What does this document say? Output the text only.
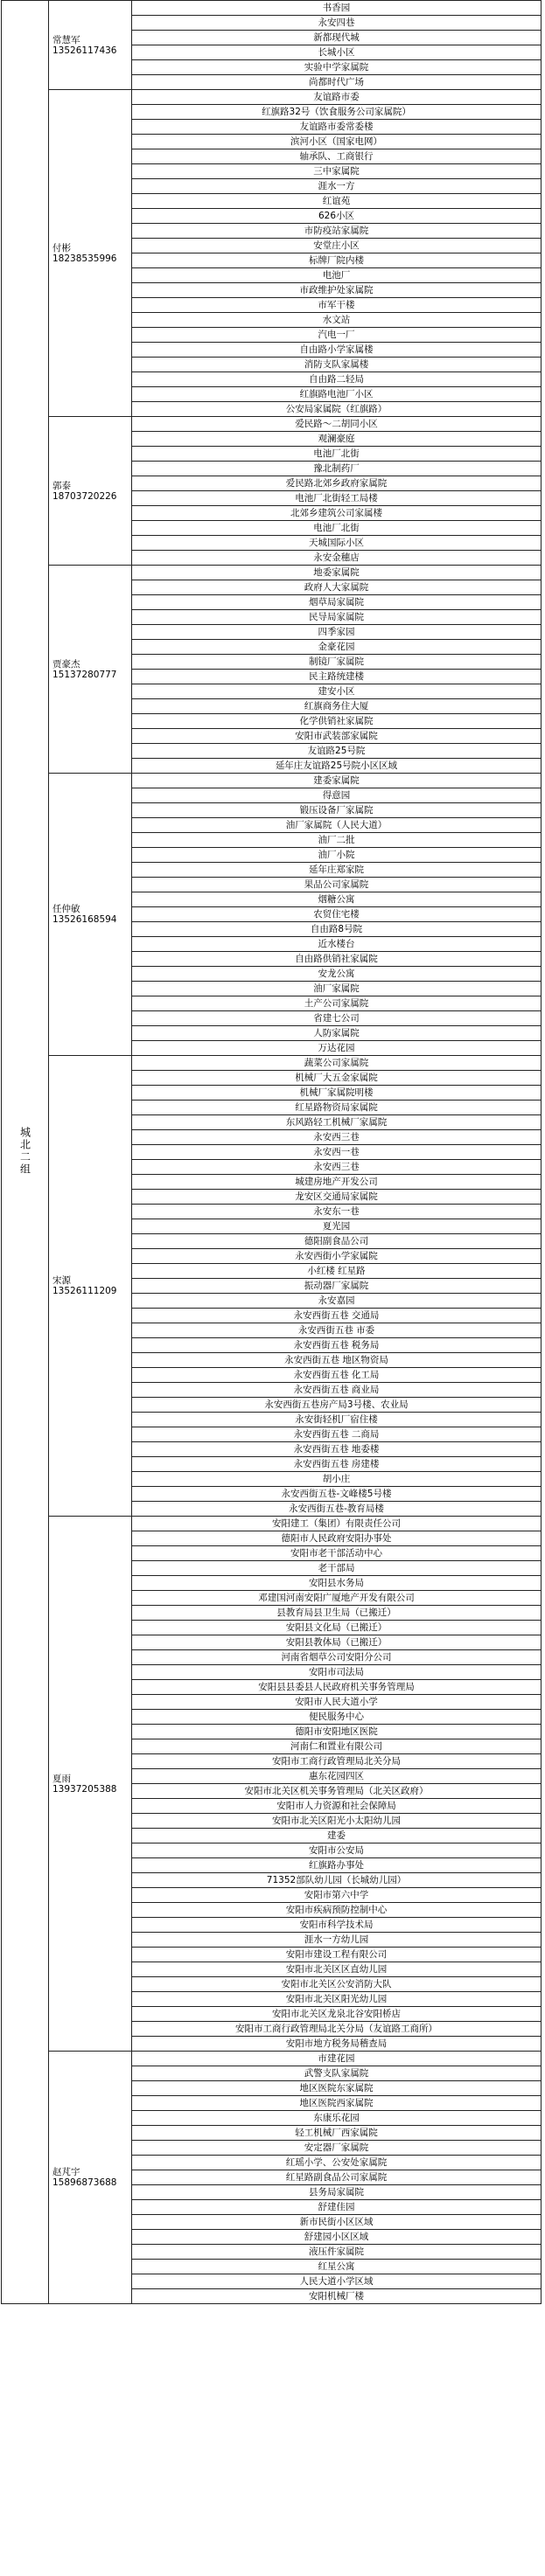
城北二组	常慧军13526117436	书香园
		永安四巷
		新都现代城
		长城小区
		实验中学家属院
		尚都时代广场
	付彬18238535996	友谊路市委
		红旗路32号（饮食服务公司家属院）
		友谊路市委常委楼
		滨河小区（国家电网）
		轴承队、工商银行
		三中家属院
		涯水一方
		红谊苑
		626小区
		市防疫站家属院
		安堂庄小区
		标牌厂院内楼
		电池厂
		市政维护处家属院
		市军干楼
		水文站
		汽电一厂
		自由路小学家属楼
		消防支队家属楼
		自由路二轻局
		红旗路电池厂小区
		公安局家属院（红旗路）
	郭泰18703720226	爱民路～二胡同小区
		观澜豪庭
		电池厂北街
		豫北制药厂
		爱民路北郊乡政府家属院
		电池厂北街轻工局楼
		北郊乡建筑公司家属楼
		电池厂北街
		天城国际小区
		永安金穗店
	贾豪杰15137280777	地委家属院
		政府人大家属院
		烟草局家属院
		民导局家属院
		四季家园
		金豪花园
		制镜厂家属院
		民主路统建楼
		建安小区
		红旗商务住大厦
		化学供销社家属院
		安阳市武装部家属院
		友谊路25号院
		延年庄友谊路25号院小区区域
	任仲敏13526168594	建委家属院
		得意园
		锻压设备厂家属院
		油厂家属院（人民大道）
		油厂二批
		油厂小院
		延年庄郑家院
		果品公司家属院
		烟糖公寓
		农贸住宅楼
		自由路8号院
		近水楼台
		自由路供销社家属院
		安龙公寓
		油厂家属院
		土产公司家属院
		省建七公司
		人防家属院
		万达花园
	宋源13526111209	蔬菜公司家属院
		机械厂大五金家属院
		机械厂家属院明楼
		红星路物资局家属院
		东风路轻工机械厂家属院
		永安西三巷
		永安西一巷
		永安西三巷
		城建房地产开发公司
		龙安区交通局家属院
		永安东一巷
		夏光园
		德阳副食品公司
		永安西街小学家属院
		小红楼 红星路
		振动器厂家属院
		永安嘉园
		永安西街五巷 交通局
		永安西街五巷 市委
		永安西街五巷 税务局
		永安西街五巷 地区物资局
		永安西街五巷 化工局
		永安西街五巷 商业局
		永安西街五巷房产局3号楼、农业局
		永安街轻机厂宿住楼
		永安西街五巷 二商局
		永安西街五巷 地委楼
		永安西街五巷 房建楼
		胡小庄
		永安西街五巷-文峰楼5号楼
		永安西街五巷-教育局楼
	夏雨13937205388	安阳建工（集团）有限责任公司
		德阳市人民政府安阳办事处
		安阳市老干部活动中心
		老干部局
		安阳县水务局
		邓建国河南安阳广厦地产开发有限公司
		县教育局县卫生局（已搬迁）
		安阳县文化局（已搬迁）
		安阳县教体局（已搬迁）
		河南省烟草公司安阳分公司
		安阳市司法局
		安阳县县委县人民政府机关事务管理局
		安阳市人民大道小学
		便民服务中心
		德阳市安阳地区医院
		河南仁和置业有限公司
		安阳市工商行政管理局北关分局
		惠东花园四区
		安阳市北关区机关事务管理局（北关区政府）
		安阳市人力资源和社会保障局
		安阳市北关区阳光小太阳幼儿园
		建委
		安阳市公安局
		红旗路办事处
		71352部队幼儿园（长城幼儿园）
		安阳市第六中学
		安阳市疾病预防控制中心
		安阳市科学技术局
		涯水一方幼儿园
		安阳市建设工程有限公司
		安阳市北关区区直幼儿园
		安阳市北关区公安消防大队
		安阳市北关区阳光幼儿园
		安阳市北关区龙泉北谷安阳桥店
		安阳市工商行政管理局北关分局（友谊路工商所）
		安阳市地方税务局稽查局
	赵芃宇15896873688	市建花园
		武警支队家属院
		地区医院东家属院
		地区医院西家属院
		东康乐花园
		轻工机械厂西家属院
		安定器厂家属院
		红瑶小学、公安处家属院
		红星路副食品公司家属院
		县务局家属院
		舒建佳园
		新市民街小区区域
		舒建园小区区域
		液压件家属院
		红星公寓
		人民大道小学区域
		安阳机械厂楼
